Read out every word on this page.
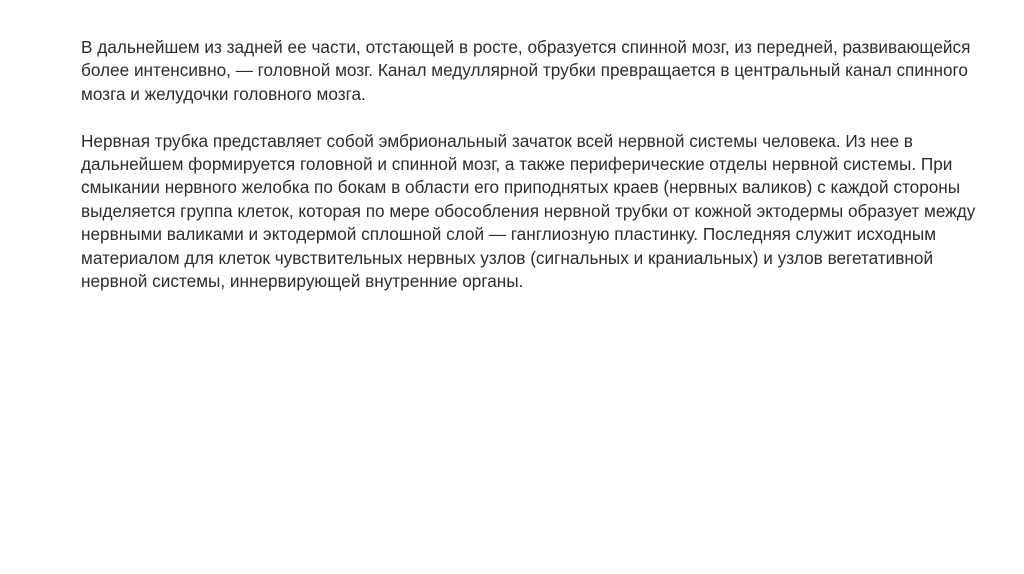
В дальнейшем из задней ее части, отстающей в росте, образуется спинной мозг, из передней, развивающейся более интенсивно, — головной мозг. Канал медуллярной трубки превращается в центральный канал спинного мозга и желудочки головного мозга.

Нервная трубка представляет собой эмбриональный зачаток всей нервной системы человека. Из нее в дальнейшем формируется головной и спинной мозг, а также периферические отделы нервной системы. При смыкании нервного желобка по бокам в области его приподнятых краев (нервных валиков) с каждой стороны выделяется группа клеток, которая по мере обособления нервной трубки от кожной эктодермы образует между нервными валиками и эктодермой сплошной слой — ганглиозную пластинку. Последняя служит исходным материалом для клеток чувствительных нервных узлов (сигнальных и краниальных) и узлов вегетативной нервной системы, иннервирующей внутренние органы.
